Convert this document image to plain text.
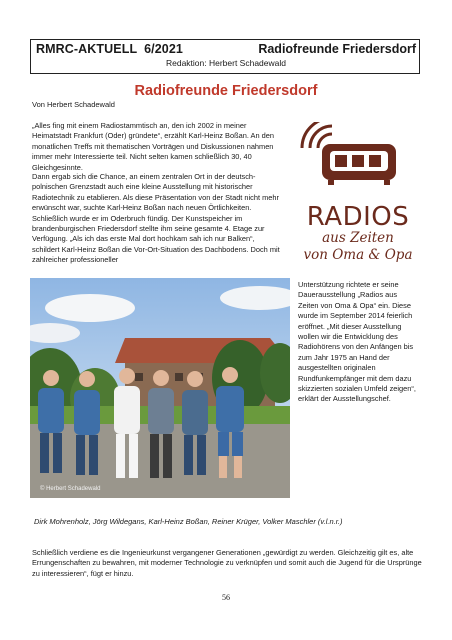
RMRC-AKTUELL  6/2021	Radiofreunde Friedersdorf
Redaktion: Herbert Schadewald
Radiofreunde Friedersdorf
Von Herbert Schadewald
„Alles fing mit einem Radiostammtisch an, den ich 2002 in meiner Heimatstadt Frankfurt (Oder) gründete“, erzählt Karl-Heinz Boßan. An den monatlichen Treffs mit thematischen Vorträgen und Diskussionen nahmen immer mehr Interessierte teil. Nicht selten kamen schließlich 30, 40 Gleichgesinnte.
Dann ergab sich die Chance, an einem zentralen Ort in der deutsch-polnischen Grenzstadt auch eine kleine Ausstellung mit historischer Radiotechnik zu etablieren. Als diese Präsentation von der Stadt nicht mehr erwünscht war, suchte Karl-Heinz Boßan nach neuen Örtlichkeiten. Schließlich wurde er im Oderbruch fündig. Der Kunstspeicher im brandenburgischen Friedersdorf stellte ihm seine gesamte 4. Etage zur Verfügung. „Als ich das erste Mal dort hochkam sah ich nur Balken“, schildert Karl-Heinz Boßan die Vor-Ort-Situation des Dachbodens. Doch mit zahlreicher professioneller
RADIOS
aus Zeiten
von Oma & Opa
© Herbert Schadewald
Unterstützung richtete er seine Dauerausstellung „Radios aus Zeiten von Oma & Opa“ ein. Diese wurde im September 2014 feierlich eröffnet. „Mit dieser Ausstellung wollen wir die Entwicklung des Radiohörens von den Anfängen bis zum Jahr 1975 an Hand der ausgestellten originalen Rundfunkempfänger mit dem dazu skizzierten sozialen Umfeld zeigen“, erklärt der Ausstellungschef.
Dirk Mohrenholz, Jörg Wildegans, Karl-Heinz Boßan, Reiner Krüger, Volker Maschler (v.l.n.r.)
Schließlich verdiene es die Ingenieurkunst vergangener Generationen „gewürdigt zu werden. Gleichzeitig gilt es, alte Errungenschaften zu bewahren, mit moderner Technologie zu verknüpfen und somit auch die Jugend für die Ursprünge zu interessieren“, fügt er hinzu.
56
